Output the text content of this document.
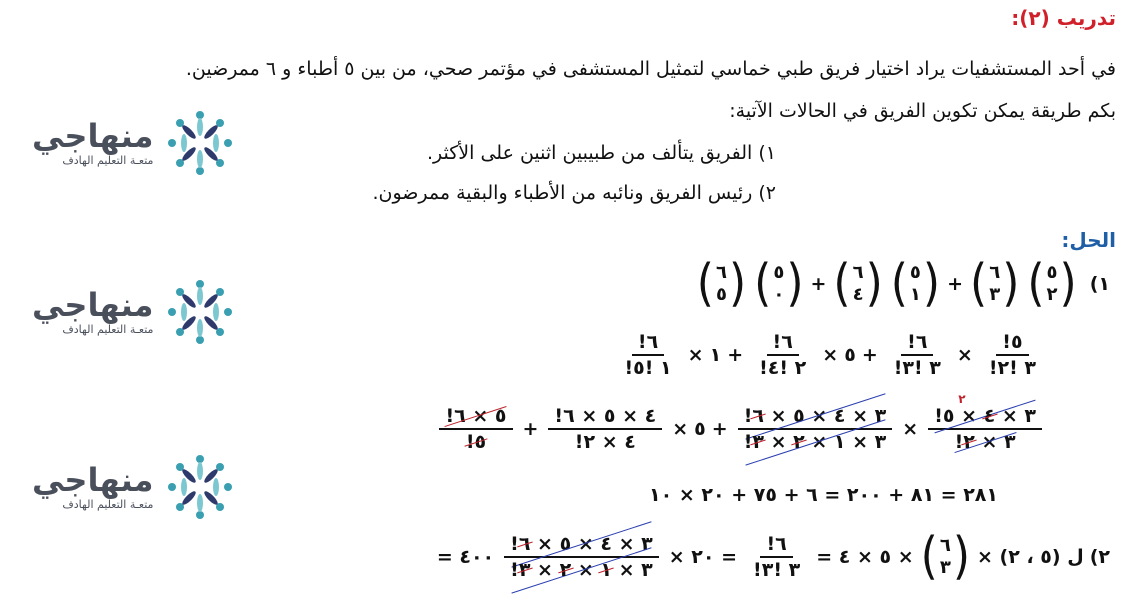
تدريب (٢):
في أحد المستشفيات يراد اختيار فريق طبي خماسي لتمثيل المستشفى في مؤتمر صحي، من بين ٥ أطباء و ٦ ممرضين.
بكم طريقة يمكن تكوين الفريق في الحالات الآتية:
١) الفريق يتألف من طبيبين اثنين على الأكثر.
٢) رئيس الفريق ونائبه من الأطباء والبقية ممرضون.
الحل:
منهاجي
متعـة التعليم الهادف
منهاجي
متعـة التعليم الهادف
منهاجي
متعـة التعليم الهادف
( ٦
٥ ) ( ٥
٠ ) + ( ٦
٤ ) ( ٥
١ ) + ( ٦
٣ ) ( ٥
٢ ) (١
$\frac{!٦}{!١ !٥}$ × ١ + $\frac{!٦}{!٢ !٤}$ × ٥ + $\frac{!٦}{!٣ !٣} \times \frac{!٥}{!٣ !٢}$
$\frac{!٥ \times ٦}{!٥} + \frac{!٤ \times ٥ \times ٦}{!٤ \times ٢}$ × ٥ + $\frac{!٣ \times ٤ \times ٥ \times ٦}{!٣ \times ١ \times ٢ \times ٣}$ ×
٢
!٣ × ٤ × ٥
!٣ × ٢
٢٨١ = ٨١ + ٢٠٠ = ٦ + ٧٥ + ٢٠ × ١٠
= ٤٠٠ $\frac{!٣ \times ٤ \times ٥ \times ٦}{!٣ \times ١ \times ٢ \times ٣}$ × ٢٠ = $\frac{!٦}{!٣ !٣}$ = ٥ × ٤ × ( ٦
٣ ) ل (٥ ، ٢) × (٢
